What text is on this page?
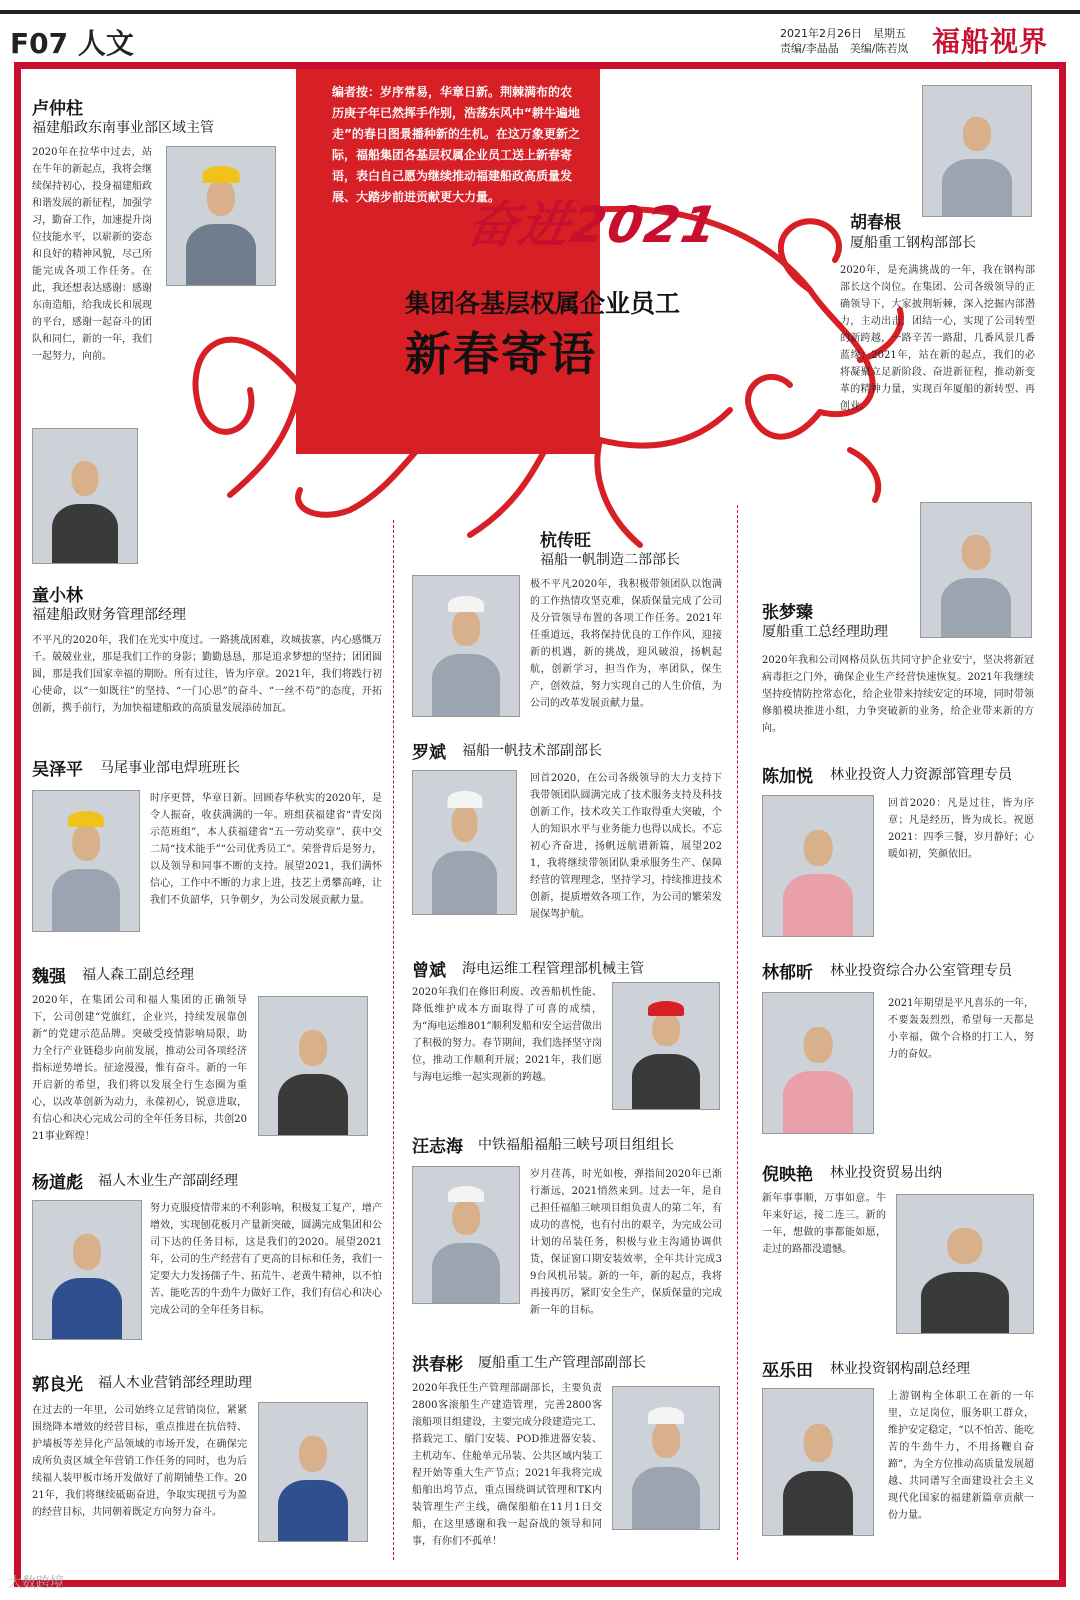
F07 人文	2021年2月26日　星期五
责编/李晶晶　美编/陈若岚 福船视界
编者按：岁序常易，华章日新。荆棘满布的农历庚子年已然挥手作别，浩荡东风中“耕牛遍地走”的春日图景播种新的生机。在这万象更新之际，福船集团各基层权属企业员工送上新春寄语，表白自己愿为继续推动福建船政高质量发展、大踏步前进贡献更大力量。
奋进2021
集团各基层权属企业员工
新春寄语
卢仲柱
福建船政东南事业部区域主管
2020年在拉华中过去，站在牛年的新起点，我将会继续保持初心，投身福建船政和谐发展的新征程，加强学习，勤奋工作，加速提升岗位技能水平，以崭新的姿态和良好的精神风貌，尽己所能完成各项工作任务。在此，我还想表达感谢：感谢东南造船，给我成长和展现的平台，感谢一起奋斗的团队和同仁，新的一年，我们一起努力，向前。
胡春根
厦船重工钢构部部长
2020年，是充满挑战的一年，我在钢构部部长这个岗位。在集团、公司各级领导的正确领导下，大家披荆斩棘，深入挖掘内部潜力，主动出击，团结一心，实现了公司转型的新跨越，一路辛苦一路甜，几番风景几番蓝缘；2021年，站在新的起点，我们的必将凝聚立足新阶段、奋进新征程，推动新变革的精神力量，实现百年厦船的新转型、再创业。
童小林
福建船政财务管理部经理
不平凡的2020年，我们在光实中度过。一路挑战困难，攻城拔寨，内心感慨万千。兢兢业业，那是我们工作的身影；勤勤恳恳，那是追求梦想的坚持；团团圆圆，那是我们国家幸福的期盼。所有过往，皆为序章。2021年，我们将践行初心使命，以“一如既往”的坚持、“一门心思”的奋斗、“一丝不苟”的态度，开拓创新，携手前行，为加快福建船政的高质量发展添砖加瓦。
杭传旺
福船一帆制造二部部长
极不平凡2020年，我积极带领团队以饱满的工作热情攻坚克难，保质保量完成了公司及分管领导布置的各项工作任务。2021年任重道远，我将保持优良的工作作风，迎接新的机遇，新的挑战，迎风破浪，扬帆起航，创新学习，担当作为，率团队，保生产，创效益，努力实现自己的人生价值，为公司的改革发展贡献力量。
张梦臻
厦船重工总经理助理
2020年我和公司网格员队伍共同守护企业安宁，坚决将新冠病毒拒之门外，确保企业生产经营快速恢复。2021年我继续坚持疫情防控常态化，给企业带来持续安定的环境，同时带领修船模块推进小组，力争突破新的业务，给企业带来新的方向。
吴泽平 马尾事业部电焊班班长
时序更替，华章日新。回顾春华秋实的2020年，是令人振奋，收获满满的一年。班组获福建省“青安岗示范班组”，本人获福建省“五一劳动奖章”、获中交二局“技术能手”“公司优秀员工”。荣誉背后是努力，以及领导和同事不断的支持。展望2021，我们满怀信心，工作中不断的力求上进，技艺上勇攀高峰，让我们不负韶华，只争朝夕，为公司发展贡献力量。
罗斌 福船一帆技术部副部长
回首2020，在公司各级领导的大力支持下我带领团队圆满完成了技术服务支持及科技创新工作，技术攻关工作取得重大突破，个人的知识水平与业务能力也得以成长。不忘初心齐奋进，扬帆远航谱新篇，展望2021，我将继续带领团队秉承服务生产、保障经营的管理理念，坚持学习，持续推进技术创新，提质增效各项工作，为公司的繁荣发展保驾护航。
陈加悦 林业投资人力资源部管理专员
回首2020：凡是过往，皆为序章；凡是经历，皆为成长。祝愿2021：四季三餐，岁月静好；心暖如初，笑颜依旧。
魏强 福人森工副总经理
2020年，在集团公司和福人集团的正确领导下，公司创建“党旗红，企业兴，持续发展靠创新”的党建示范品牌。突破受疫情影响局限，助力全行产业链稳步向前发展，推动公司各项经济指标逆势增长。征途漫漫，惟有奋斗。新的一年开启新的希望，我们将以发展全行生态圈为重心，以改革创新为动力，永葆初心，锐意进取，有信心和决心完成公司的全年任务目标，共创2021事业辉煌！
曾斌 海电运维工程管理部机械主管
2020年我们在修旧利废、改善船机性能、降低维护成本方面取得了可喜的成绩，为“海电运维801”顺利发船和安全运营做出了积极的努力。春节期间，我们选择坚守岗位，推动工作顺利开展；2021年，我们愿与海电运维一起实现新的跨越。
林郁昕 林业投资综合办公室管理专员
2021年期望是平凡喜乐的一年，不要轰轰烈烈，希望每一天都是小幸福，做个合格的打工人，努力的奋奴。
杨道彪 福人木业生产部副经理
努力克服疫情带来的不利影响，积极复工复产，增产增效，实现刨花板月产量新突破，圆满完成集团和公司下达的任务目标，这是我们的2020。展望2021年，公司的生产经营有了更高的目标和任务，我们一定要大力发扬孺子牛、拓荒牛、老黄牛精神，以不怕苦、能吃苦的牛劲牛力做好工作，我们有信心和决心完成公司的全年任务目标。
汪志海 中铁福船福船三峡号项目组组长
岁月荏苒，时光如梭，弹指间2020年已渐行渐远，2021悄然来到。过去一年，是自己担任福船三峡项目组负责人的第二年，有成功的喜悦，也有付出的艰辛，为完成公司计划的吊装任务，积极与业主沟通协调供货，保证窗口期安装效率，全年共计完成39台风机吊装。新的一年，新的起点，我将再接再厉，紧盯安全生产，保质保量的完成新一年的目标。
倪映艳 林业投资贸易出纳
新年事事顺，万事如意。牛年来好运，接二连三。新的一年，想做的事都能如愿，走过的路都没遗憾。
郭良光 福人木业营销部经理助理
在过去的一年里，公司始终立足营销岗位，紧紧围绕降本增效的经营目标，重点推进在抗倍特、护墙板等差异化产品领域的市场开发，在确保完成所负责区域全年营销工作任务的同时，也为后续福人装甲板市场开发做好了前期铺垫工作。2021年，我们将继续砥砺奋进，争取实现扭亏为盈的经营目标，共同朝着既定方向努力奋斗。
洪春彬 厦船重工生产管理部副部长
2020年我任生产管理部副部长，主要负责2800客滚船生产建造管理，完善2800客滚船项目组建设，主要完成分段建造完工、搭载完工、艏门安装、POD推进器安装、主机动车、住舱单元吊装、公共区域内装工程开始等重大生产节点；2021年我将完成船舶出坞节点，重点围绕调试管理和TK内装管理生产主线，确保船舶在11月1日交船，在这里感谢和我一起奋战的领导和同事，有你们不孤单！
巫乐田 林业投资钢构副总经理
上游钢构全体职工在新的一年里，立足岗位，服务职工群众，维护安定稳定，“以不怕苦、能吃苦的牛劲牛力，不用扬鞭自奋蹄”，为全方位推动高质量发展超越、共同谱写全面建设社会主义现代化国家的福建新篇章贡献一份力量。
大数跨境
